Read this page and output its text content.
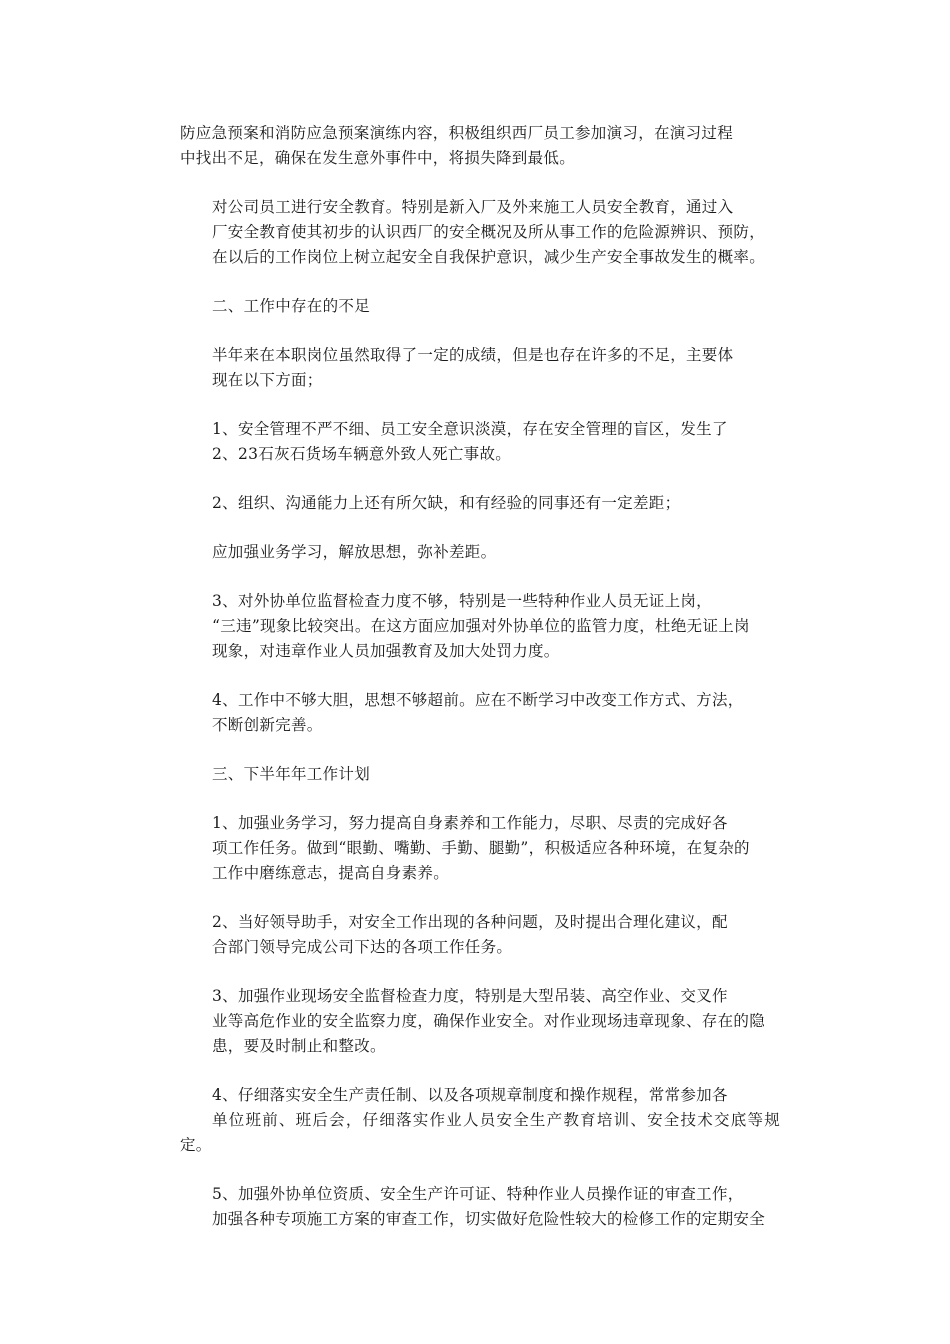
防应急预案和消防应急预案演练内容，积极组织西厂员工参加演习，在演习过程
中找出不足，确保在发生意外事件中，将损失降到最低。

对公司员工进行安全教育。特别是新入厂及外来施工人员安全教育，通过入
厂安全教育使其初步的认识西厂的安全概况及所从事工作的危险源辨识、预防，
在以后的工作岗位上树立起安全自我保护意识，减少生产安全事故发生的概率。

二、工作中存在的不足

半年来在本职岗位虽然取得了一定的成绩，但是也存在许多的不足，主要体
现在以下方面；

1、安全管理不严不细、员工安全意识淡漠，存在安全管理的盲区，发生了
2、23石灰石货场车辆意外致人死亡事故。

2、组织、沟通能力上还有所欠缺，和有经验的同事还有一定差距；

应加强业务学习，解放思想，弥补差距。

3、对外协单位监督检查力度不够，特别是一些特种作业人员无证上岗，
“三违”现象比较突出。在这方面应加强对外协单位的监管力度，杜绝无证上岗
现象，对违章作业人员加强教育及加大处罚力度。

4、工作中不够大胆，思想不够超前。应在不断学习中改变工作方式、方法，
不断创新完善。

三、下半年年工作计划

1、加强业务学习，努力提高自身素养和工作能力，尽职、尽责的完成好各
项工作任务。做到“眼勤、嘴勤、手勤、腿勤”，积极适应各种环境，在复杂的
工作中磨练意志，提高自身素养。

2、当好领导助手，对安全工作出现的各种问题，及时提出合理化建议，配
合部门领导完成公司下达的各项工作任务。

3、加强作业现场安全监督检查力度，特别是大型吊装、高空作业、交叉作
业等高危作业的安全监察力度，确保作业安全。对作业现场违章现象、存在的隐
患，要及时制止和整改。

4、仔细落实安全生产责任制、以及各项规章制度和操作规程，常常参加各
单位班前、班后会，仔细落实作业人员安全生产教育培训、安全技术交底等规定。

5、加强外协单位资质、安全生产许可证、特种作业人员操作证的审查工作，
加强各种专项施工方案的审查工作，切实做好危险性较大的检修工作的定期安全
